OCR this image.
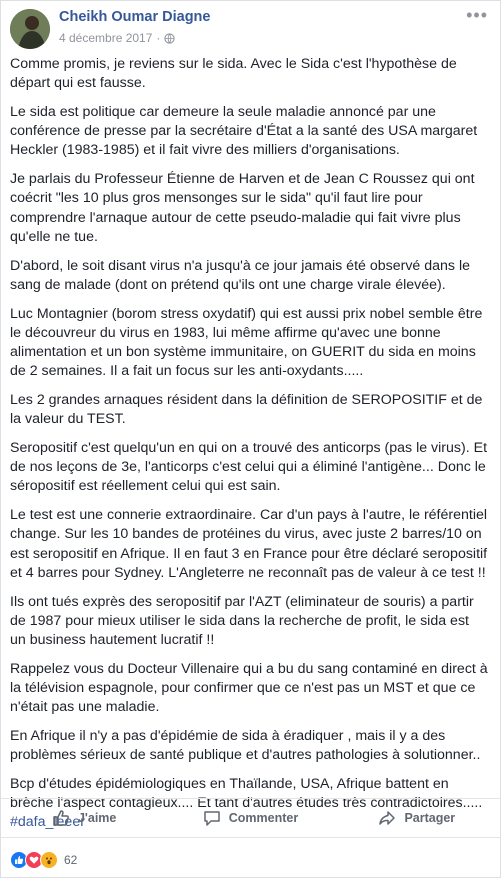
Cheikh Oumar Diagne
4 décembre 2017 ·
•••

Comme promis, je reviens sur le sida. Avec le Sida c'est l'hypothèse de départ qui est fausse.

Le sida est politique car demeure la seule maladie annoncé par une conférence de presse par la secrétaire d'État a la santé des USA margaret Heckler (1983-1985) et il fait vivre des milliers d'organisations.

Je parlais du Professeur Étienne de Harven et de Jean C Roussez qui ont coécrit "les 10 plus gros mensonges sur le sida" qu'il faut lire pour comprendre l'arnaque autour de cette pseudo-maladie qui fait vivre plus qu'elle ne tue.

D'abord, le soit disant virus n'a jusqu'à ce jour jamais été observé dans le sang de malade (dont on prétend qu'ils ont une charge virale élevée).

Luc Montagnier (borom stress oxydatif) qui est aussi prix nobel semble être le découvreur du virus en 1983, lui même affirme qu'avec une bonne alimentation et un bon système immunitaire, on GUERIT du sida en moins de 2 semaines. Il a fait un focus sur les anti-oxydants.....

Les 2 grandes arnaques résident dans la définition de SEROPOSITIF et de la valeur du TEST.

Seropositif c'est quelqu'un en qui on a trouvé des anticorps (pas le virus). Et de nos leçons de 3e, l'anticorps c'est celui qui a éliminé l'antigène... Donc le séropositif est réellement celui qui est sain.

Le test est une connerie extraordinaire. Car d'un pays à l'autre, le référentiel change. Sur les 10 bandes de protéines du virus, avec juste 2 barres/10 on est seropositif en Afrique. Il en faut 3 en France pour être déclaré seropositif et 4 barres pour Sydney. L'Angleterre ne reconnaît pas de valeur à ce test !!

Ils ont tués exprès des seropositif par l'AZT (eliminateur de souris) a partir de 1987 pour mieux utiliser le sida dans la recherche de profit, le sida est un business hautement lucratif !!

Rappelez vous du Docteur Villenaire qui a bu du sang contaminé en direct à la télévision espagnole, pour confirmer que ce n'est pas un MST et que ce n'était pas une maladie.

En Afrique il n'y a pas d'épidémie de sida à éradiquer , mais il y a des problèmes sérieux de santé publique et d'autres pathologies à solutionner..

Bcp d'études épidémiologiques en Thaïlande, USA, Afrique battent en brèche l'aspect contagieux.... Et tant d'autres études très contradictoires.....
#dafa_leeer

J'aime	Commenter	Partager
62
